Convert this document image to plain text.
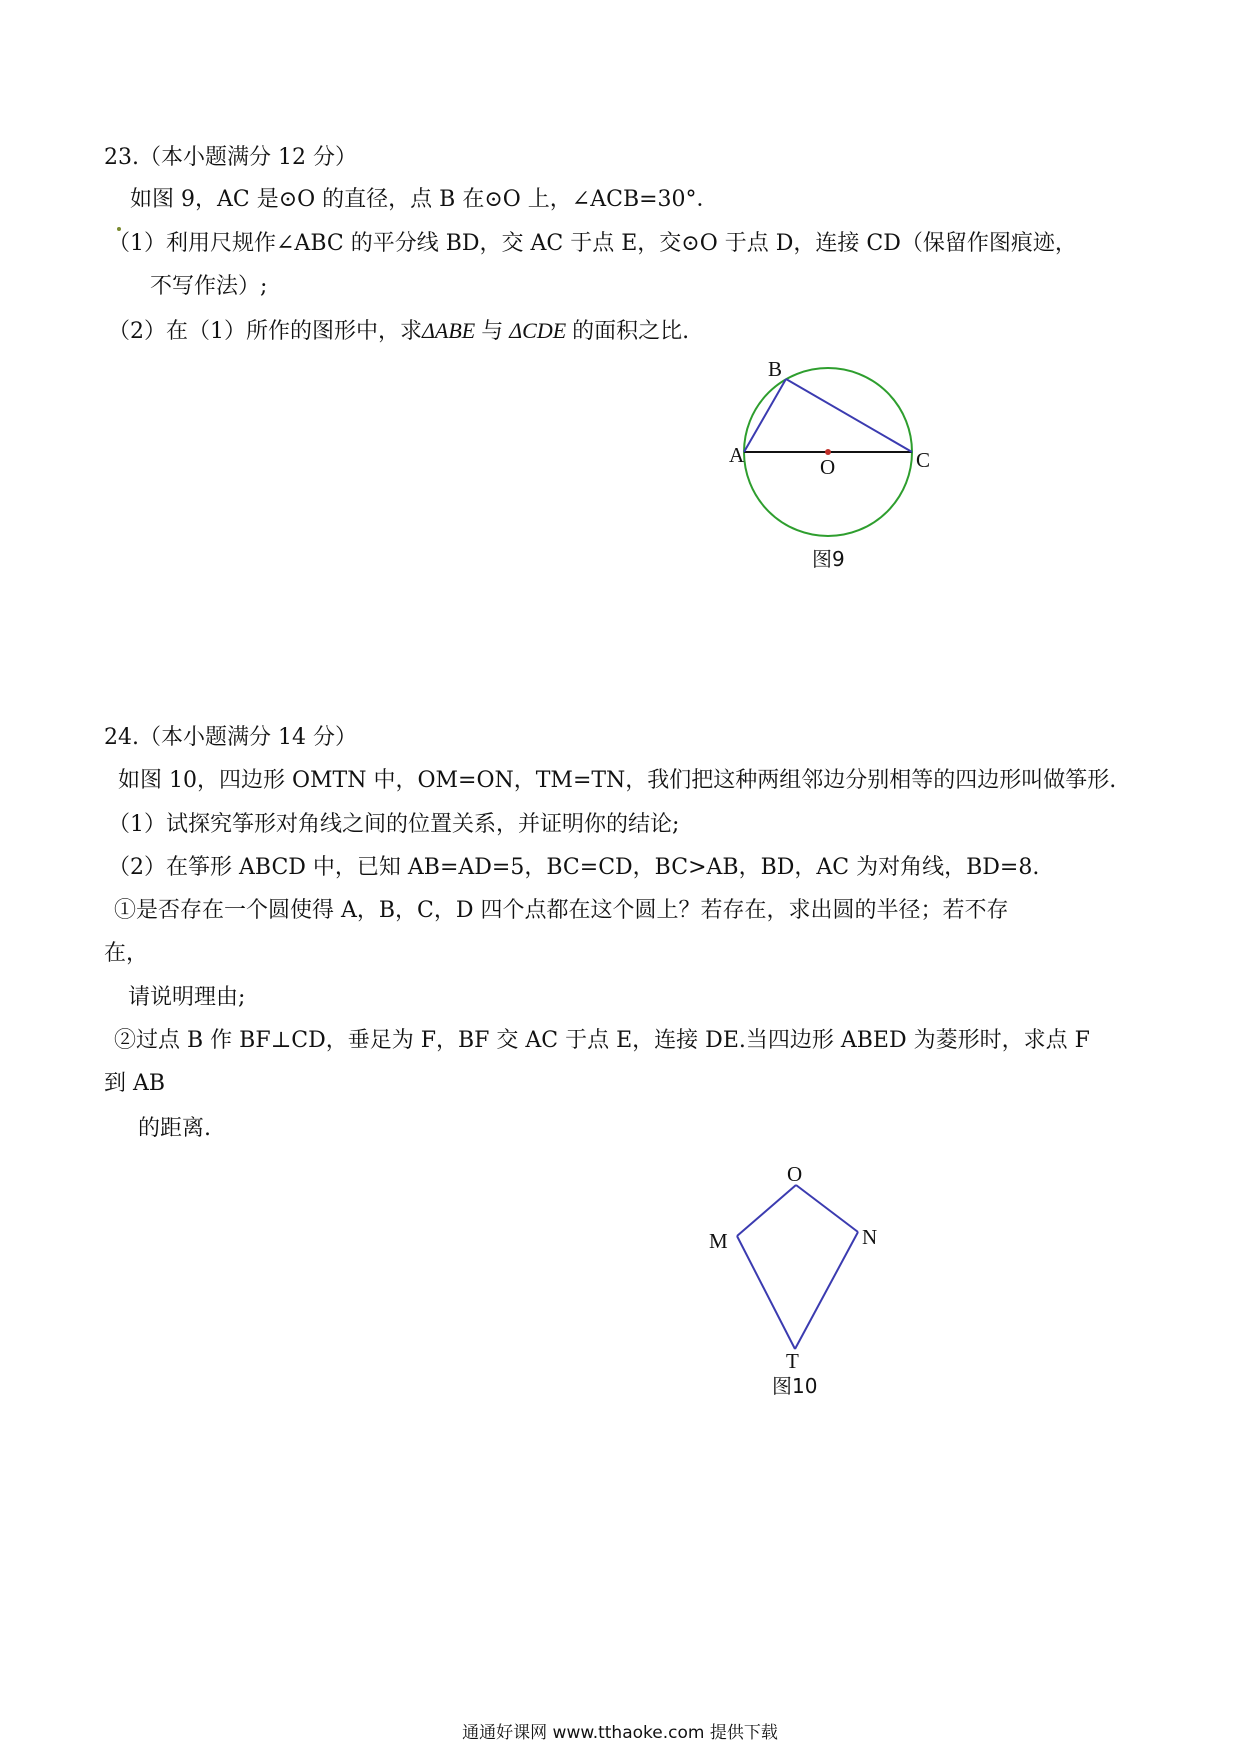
23.（本小题满分 12 分）
如图 9，AC 是⊙O 的直径，点 B 在⊙O 上，∠ACB=30°．
（1）利用尺规作∠ABC 的平分线 BD，交 AC 于点 E，交⊙O 于点 D，连接 CD（保留作图痕迹，
不写作法）;
（2）在（1）所作的图形中，求ΔABE 与 ΔCDE 的面积之比.
B
A	C
O
图9
O
M	N
T
图10
24.（本小题满分 14 分）
如图 10，四边形 OMTN 中，OM=ON，TM=TN，我们把这种两组邻边分别相等的四边形叫做筝形.
（1）试探究筝形对角线之间的位置关系，并证明你的结论;
（2）在筝形 ABCD 中，已知 AB=AD=5，BC=CD，BC>AB，BD，AC 为对角线，BD=8.
①是否存在一个圆使得 A，B，C，D 四个点都在这个圆上？若存在，求出圆的半径；若不存
在，
请说明理由;
②过点 B 作 BF⊥CD，垂足为 F，BF 交 AC 于点 E，连接 DE.当四边形 ABED 为菱形时，求点 F
到 AB
的距离.
通通好课网 www.tthaoke.com 提供下载
